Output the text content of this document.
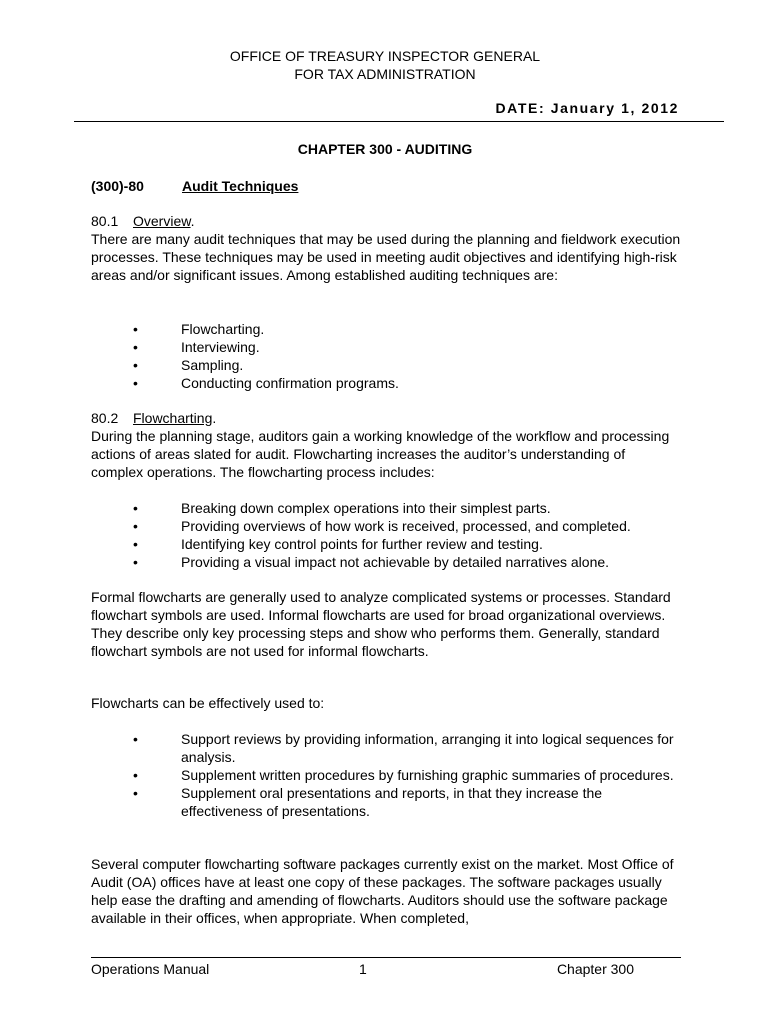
OFFICE OF TREASURY INSPECTOR GENERAL
FOR TAX ADMINISTRATION
DATE: January 1, 2012
CHAPTER 300 - AUDITING
(300)-80	Audit Techniques

80.1 Overview.

There are many audit techniques that may be used during the planning and fieldwork execution processes. These techniques may be used in meeting audit objectives and identifying high-risk areas and/or significant issues. Among established auditing techniques are:

•	Flowcharting.
•	Interviewing.
•	Sampling.
•	Conducting confirmation programs.

80.2 Flowcharting.

During the planning stage, auditors gain a working knowledge of the workflow and processing actions of areas slated for audit. Flowcharting increases the auditor’s understanding of complex operations. The flowcharting process includes:

•	Breaking down complex operations into their simplest parts.
•	Providing overviews of how work is received, processed, and completed.
•	Identifying key control points for further review and testing.
•	Providing a visual impact not achievable by detailed narratives alone.
Formal flowcharts are generally used to analyze complicated systems or processes. Standard flowchart symbols are used. Informal flowcharts are used for broad organizational overviews. They describe only key processing steps and show who performs them. Generally, standard flowchart symbols are not used for informal flowcharts.
Flowcharts can be effectively used to:
•	Support reviews by providing information, arranging it into logical sequences for analysis.
•	Supplement written procedures by furnishing graphic summaries of procedures.
•	Supplement oral presentations and reports, in that they increase the effectiveness of presentations.
Several computer flowcharting software packages currently exist on the market. Most Office of Audit (OA) offices have at least one copy of these packages. The software packages usually help ease the drafting and amending of flowcharts. Auditors should use the software package available in their offices, when appropriate. When completed,
Operations Manual	1	Chapter 300
